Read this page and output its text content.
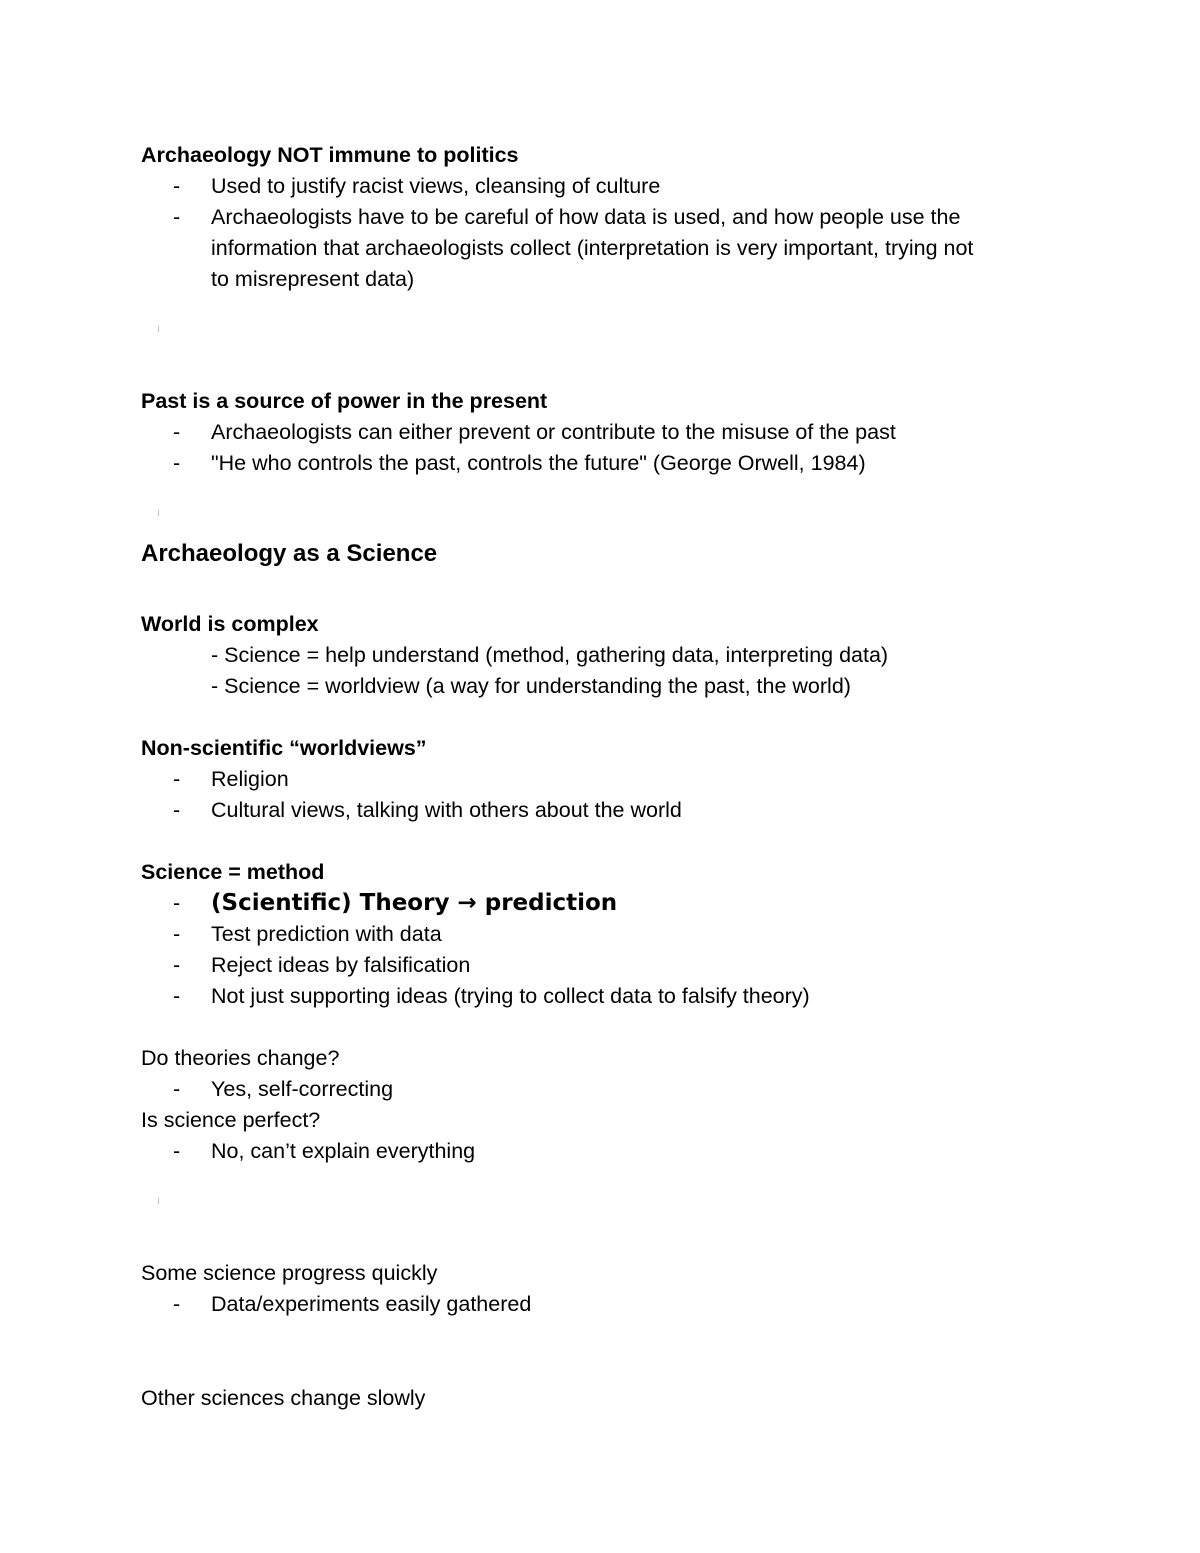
Archaeology NOT immune to politics
- Used to justify racist views, cleansing of culture
- Archaeologists have to be careful of how data is used, and how people use the
information that archaeologists collect (interpretation is very important, trying not
to misrepresent data)
Past is a source of power in the present
- Archaeologists can either prevent or contribute to the misuse of the past
- "He who controls the past, controls the future" (George Orwell, 1984)
Archaeology as a Science
World is complex
- Science = help understand (method, gathering data, interpreting data)
- Science = worldview (a way for understanding the past, the world)
Non-scientific “worldviews”
- Religion
- Cultural views, talking with others about the world
Science = method
- (Scientific) Theory → prediction
- Test prediction with data
- Reject ideas by falsification
- Not just supporting ideas (trying to collect data to falsify theory)
Do theories change?
- Yes, self-correcting
Is science perfect?
- No, can’t explain everything
Some science progress quickly
- Data/experiments easily gathered
Other sciences change slowly
